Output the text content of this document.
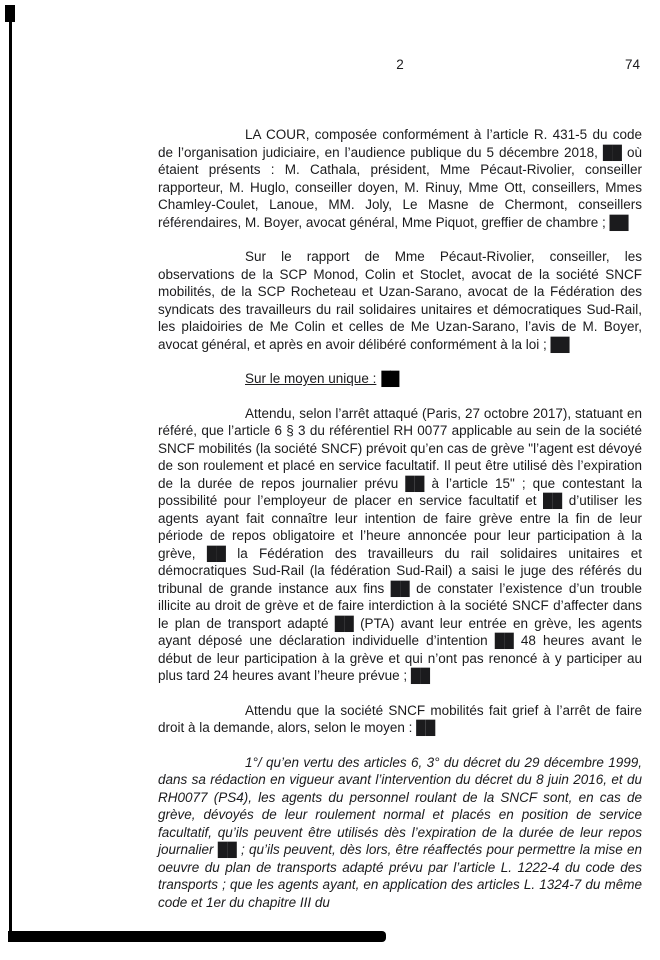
2	74

LA COUR, composée conformément à l’article R. 431-5 du code de l’organisation judiciaire, en l’audience publique du 5 décembre 2018, ██ où étaient présents : M. Cathala, président, Mme Pécaut-Rivolier, conseiller rapporteur, M. Huglo, conseiller doyen, M. Rinuy, Mme Ott, conseillers, Mmes Chamley-Coulet, Lanoue, MM. Joly, Le Masne de Chermont, conseillers référendaires, M. Boyer, avocat général, Mme Piquot, greffier de chambre ; ██

Sur le rapport de Mme Pécaut-Rivolier, conseiller, les observations de la SCP Monod, Colin et Stoclet, avocat de la société SNCF mobilités, de la SCP Rocheteau et Uzan-Sarano, avocat de la Fédération des syndicats des travailleurs du rail solidaires unitaires et démocratiques Sud-Rail, les plaidoiries de Me Colin et celles de Me Uzan-Sarano, l’avis de M. Boyer, avocat général, et après en avoir délibéré conformément à la loi ; ██

Sur le moyen unique : ██

Attendu, selon l’arrêt attaqué (Paris, 27 octobre 2017), statuant en référé, que l’article 6 § 3 du référentiel RH 0077 applicable au sein de la société SNCF mobilités (la société SNCF) prévoit qu’en cas de grève "l’agent est dévoyé de son roulement et placé en service facultatif. Il peut être utilisé dès l’expiration de la durée de repos journalier prévu ██ à l’article 15" ; que contestant la possibilité pour l’employeur de placer en service facultatif et ██ d’utiliser les agents ayant fait connaître leur intention de faire grève entre la fin de leur période de repos obligatoire et l’heure annoncée pour leur participation à la grève, ██ la Fédération des travailleurs du rail solidaires unitaires et démocratiques Sud-Rail (la fédération Sud-Rail) a saisi le juge des référés du tribunal de grande instance aux fins ██ de constater l’existence d’un trouble illicite au droit de grève et de faire interdiction à la société SNCF d’affecter dans le plan de transport adapté ██ (PTA) avant leur entrée en grève, les agents ayant déposé une déclaration individuelle d’intention ██ 48 heures avant le début de leur participation à la grève et qui n’ont pas renoncé à y participer au plus tard 24 heures avant l’heure prévue ; ██

Attendu que la société SNCF mobilités fait grief à l’arrêt de faire droit à la demande, alors, selon le moyen : ██

1°/ qu’en vertu des articles 6, 3° du décret du 29 décembre 1999, dans sa rédaction en vigueur avant l’intervention du décret du 8 juin 2016, et du RH0077 (PS4), les agents du personnel roulant de la SNCF sont, en cas de grève, dévoyés de leur roulement normal et placés en position de service facultatif, qu’ils peuvent être utilisés dès l’expiration de la durée de leur repos journalier ██ ; qu’ils peuvent, dès lors, être réaffectés pour permettre la mise en oeuvre du plan de transports adapté prévu par l’article L. 1222-4 du code des transports ; que les agents ayant, en application des articles L. 1324-7 du même code et 1er du chapitre III du
